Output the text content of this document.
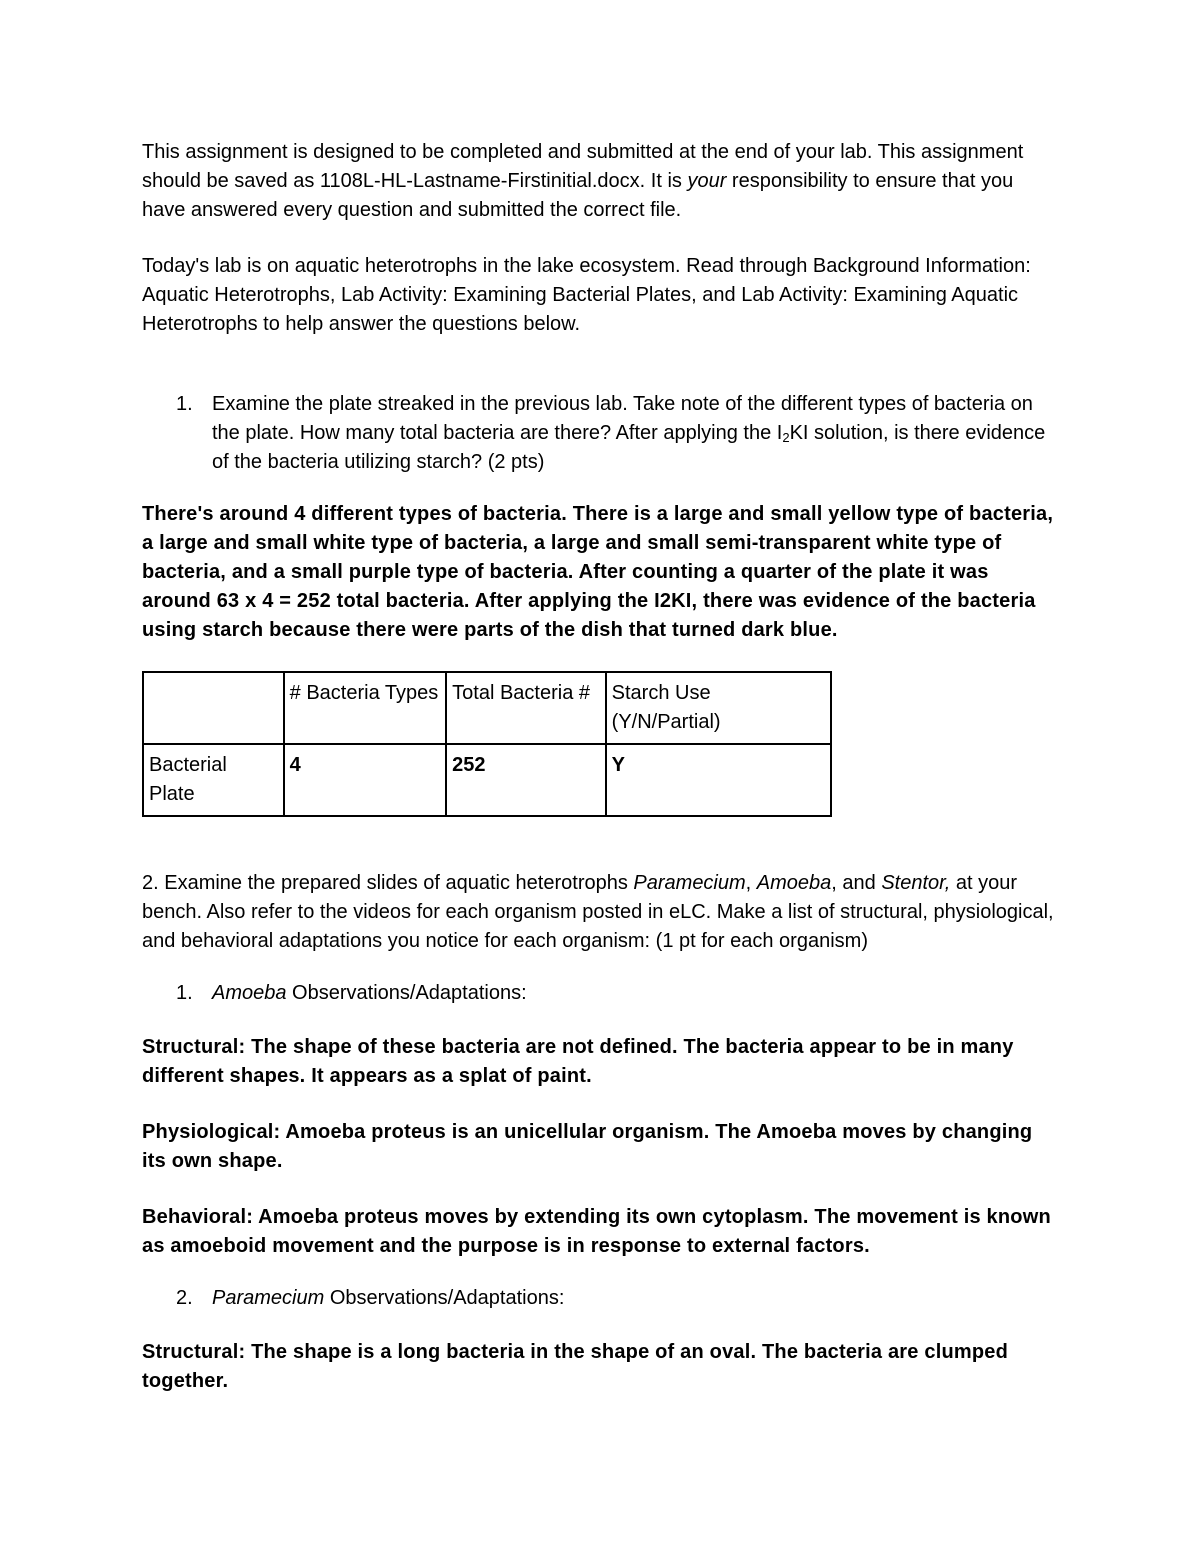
This assignment is designed to be completed and submitted at the end of your lab. This assignment should be saved as 1108L-HL-Lastname-Firstinitial.docx. It is your responsibility to ensure that you have answered every question and submitted the correct file.

Today's lab is on aquatic heterotrophs in the lake ecosystem. Read through Background Information: Aquatic Heterotrophs, Lab Activity: Examining Bacterial Plates, and Lab Activity: Examining Aquatic Heterotrophs to help answer the questions below.

1. Examine the plate streaked in the previous lab. Take note of the different types of bacteria on the plate. How many total bacteria are there? After applying the $I_2KI$ solution, is there evidence of the bacteria utilizing starch? (2 pts)

There's around 4 different types of bacteria. There is a large and small yellow type of bacteria, a large and small white type of bacteria, a large and small semi-transparent white type of bacteria, and a small purple type of bacteria. After counting a quarter of the plate it was around 63 x 4 = 252 total bacteria. After applying the I2KI, there was evidence of the bacteria using starch because there were parts of the dish that turned dark blue.

	# Bacteria Types	Total Bacteria #	Starch Use (Y/N/Partial)
Bacterial Plate	4	252	Y

2. Examine the prepared slides of aquatic heterotrophs Paramecium, Amoeba, and Stentor, at your bench. Also refer to the videos for each organism posted in eLC. Make a list of structural, physiological, and behavioral adaptations you notice for each organism: (1 pt for each organism)

1. Amoeba Observations/Adaptations:

Structural: The shape of these bacteria are not defined. The bacteria appear to be in many different shapes. It appears as a splat of paint.

Physiological: Amoeba proteus is an unicellular organism. The Amoeba moves by changing its own shape.

Behavioral: Amoeba proteus moves by extending its own cytoplasm. The movement is known as amoeboid movement and the purpose is in response to external factors.

2. Paramecium Observations/Adaptations:

Structural: The shape is a long bacteria in the shape of an oval. The bacteria are clumped together.
